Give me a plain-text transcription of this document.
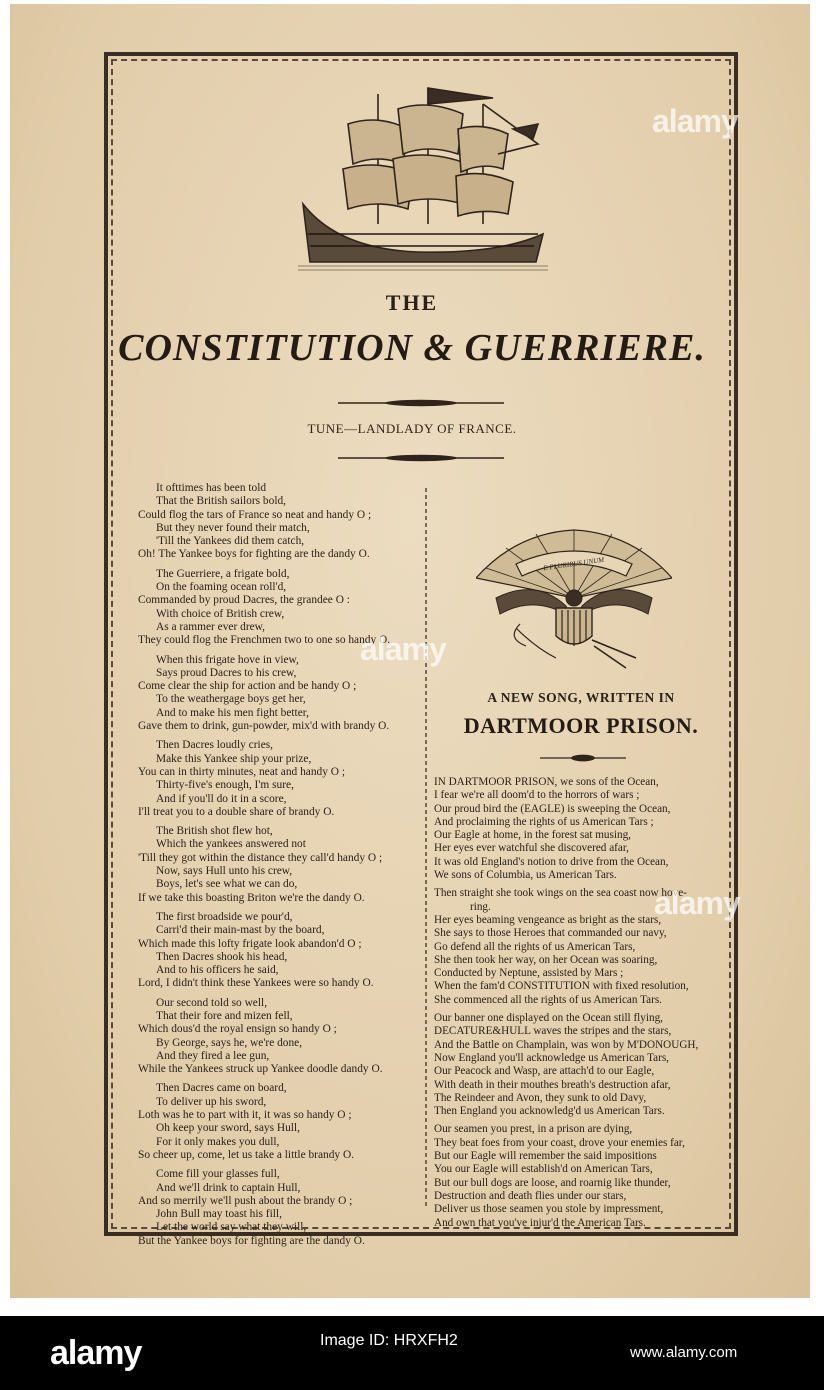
THE
CONSTITUTION & GUERRIERE.
TUNE—LANDLADY OF FRANCE.
It ofttimes has been told
That the British sailors bold,
Could flog the tars of France so neat and handy O ;
But they never found their match,
'Till the Yankees did them catch,
Oh! The Yankee boys for fighting are the dandy O.
The Guerriere, a frigate bold,
On the foaming ocean roll'd,
Commanded by proud Dacres, the grandee O :
With choice of British crew,
As a rammer ever drew,
They could flog the Frenchmen two to one so handy O.
When this frigate hove in view,
Says proud Dacres to his crew,
Come clear the ship for action and be handy O ;
To the weathergage boys get her,
And to make his men fight better,
Gave them to drink, gun-powder, mix'd with brandy O.
Then Dacres loudly cries,
Make this Yankee ship your prize,
You can in thirty minutes, neat and handy O ;
Thirty-five's enough, I'm sure,
And if you'll do it in a score,
I'll treat you to a double share of brandy O.
The British shot flew hot,
Which the yankees answered not
'Till they got within the distance they call'd handy O ;
Now, says Hull unto his crew,
Boys, let's see what we can do,
If we take this boasting Briton we're the dandy O.
The first broadside we pour'd,
Carri'd their main-mast by the board,
Which made this lofty frigate look abandon'd O ;
Then Dacres shook his head,
And to his officers he said,
Lord, I didn't think these Yankees were so handy O.
Our second told so well,
That their fore and mizen fell,
Which dous'd the royal ensign so handy O ;
By George, says he, we're done,
And they fired a lee gun,
While the Yankees struck up Yankee doodle dandy O.
Then Dacres came on board,
To deliver up his sword,
Loth was he to part with it, it was so handy O ;
Oh keep your sword, says Hull,
For it only makes you dull,
So cheer up, come, let us take a little brandy O.
Come fill your glasses full,
And we'll drink to captain Hull,
And so merrily we'll push about the brandy O ;
John Bull may toast his fill,
Let the world say what they will,
But the Yankee boys for fighting are the dandy O.
E PLURIBUS UNUM
A NEW SONG, WRITTEN IN
DARTMOOR PRISON.
IN DARTMOOR PRISON, we sons of the Ocean,
I fear we're all doom'd to the horrors of wars ;
Our proud bird the (EAGLE) is sweeping the Ocean,
And proclaiming the rights of us American Tars ;
Our Eagle at home, in the forest sat musing,
Her eyes ever watchful she discovered afar,
It was old England's notion to drive from the Ocean,
We sons of Columbia, us American Tars.
Then straight she took wings on the sea coast now hove-
ring.
Her eyes beaming vengeance as bright as the stars,
She says to those Heroes that commanded our navy,
Go defend all the rights of us American Tars,
She then took her way, on her Ocean was soaring,
Conducted by Neptune, assisted by Mars ;
When the fam'd CONSTITUTION with fixed resolution,
She commenced all the rights of us American Tars.
Our banner one displayed on the Ocean still flying,
DECATURE&HULL waves the stripes and the stars,
And the Battle on Champlain, was won by M'DONOUGH,
Now England you'll acknowledge us American Tars,
Our Peacock and Wasp, are attach'd to our Eagle,
With death in their mouthes breath's destruction afar,
The Reindeer and Avon, they sunk to old Davy,
Then England you acknowledg'd us American Tars.
Our seamen you prest, in a prison are dying,
They beat foes from your coast, drove your enemies far,
But our Eagle will remember the said impositions
You our Eagle will establish'd on American Tars,
But our bull dogs are loose, and roarnig like thunder,
Destruction and death flies under our stars,
Deliver us those seamen you stole by impressment,
And own that you've injur'd the American Tars.
alamy
alamy
alamy
alamy	Image ID: HRXFH2
www.alamy.com
